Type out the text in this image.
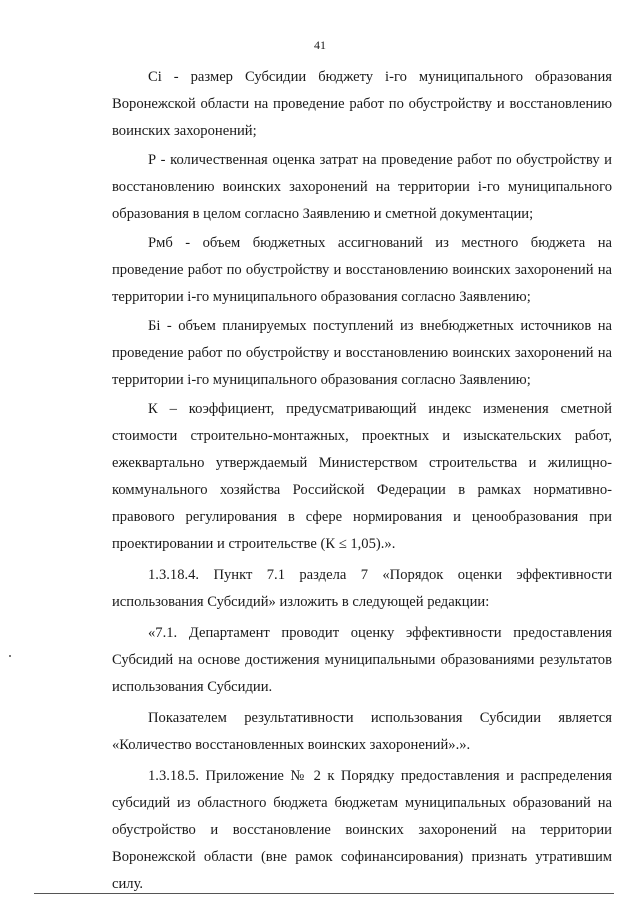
41

Ci - размер Субсидии бюджету i-го муниципального образования Воронежской области на проведение работ по обустройству и восстановлению воинских захоронений;

Р - количественная оценка затрат на проведение работ по обустройству и восстановлению воинских захоронений на территории i-го муниципального образования в целом согласно Заявлению и сметной документации;

Рмб - объем бюджетных ассигнований из местного бюджета на проведение работ по обустройству и восстановлению воинских захоронений на территории i-го муниципального образования согласно Заявлению;

Бi - объем планируемых поступлений из внебюджетных источников на проведение работ по обустройству и восстановлению воинских захоронений на территории i-го муниципального образования согласно Заявлению;

К – коэффициент, предусматривающий индекс изменения сметной стоимости строительно-монтажных, проектных и изыскательских работ, ежеквартально утверждаемый Министерством строительства и жилищно-коммунального хозяйства Российской Федерации в рамках нормативно-правового регулирования в сфере нормирования и ценообразования при проектировании и строительстве (К ≤ 1,05).».

1.3.18.4. Пункт 7.1 раздела 7 «Порядок оценки эффективности использования Субсидий» изложить в следующей редакции:

«7.1. Департамент проводит оценку эффективности предоставления Субсидий на основе достижения муниципальными образованиями результатов использования Субсидии.

Показателем результативности использования Субсидии является «Количество восстановленных воинских захоронений».».

1.3.18.5. Приложение № 2 к Порядку предоставления и распределения субсидий из областного бюджета бюджетам муниципальных образований на обустройство и восстановление воинских захоронений на территории Воронежской области (вне рамок софинансирования) признать утратившим силу.
